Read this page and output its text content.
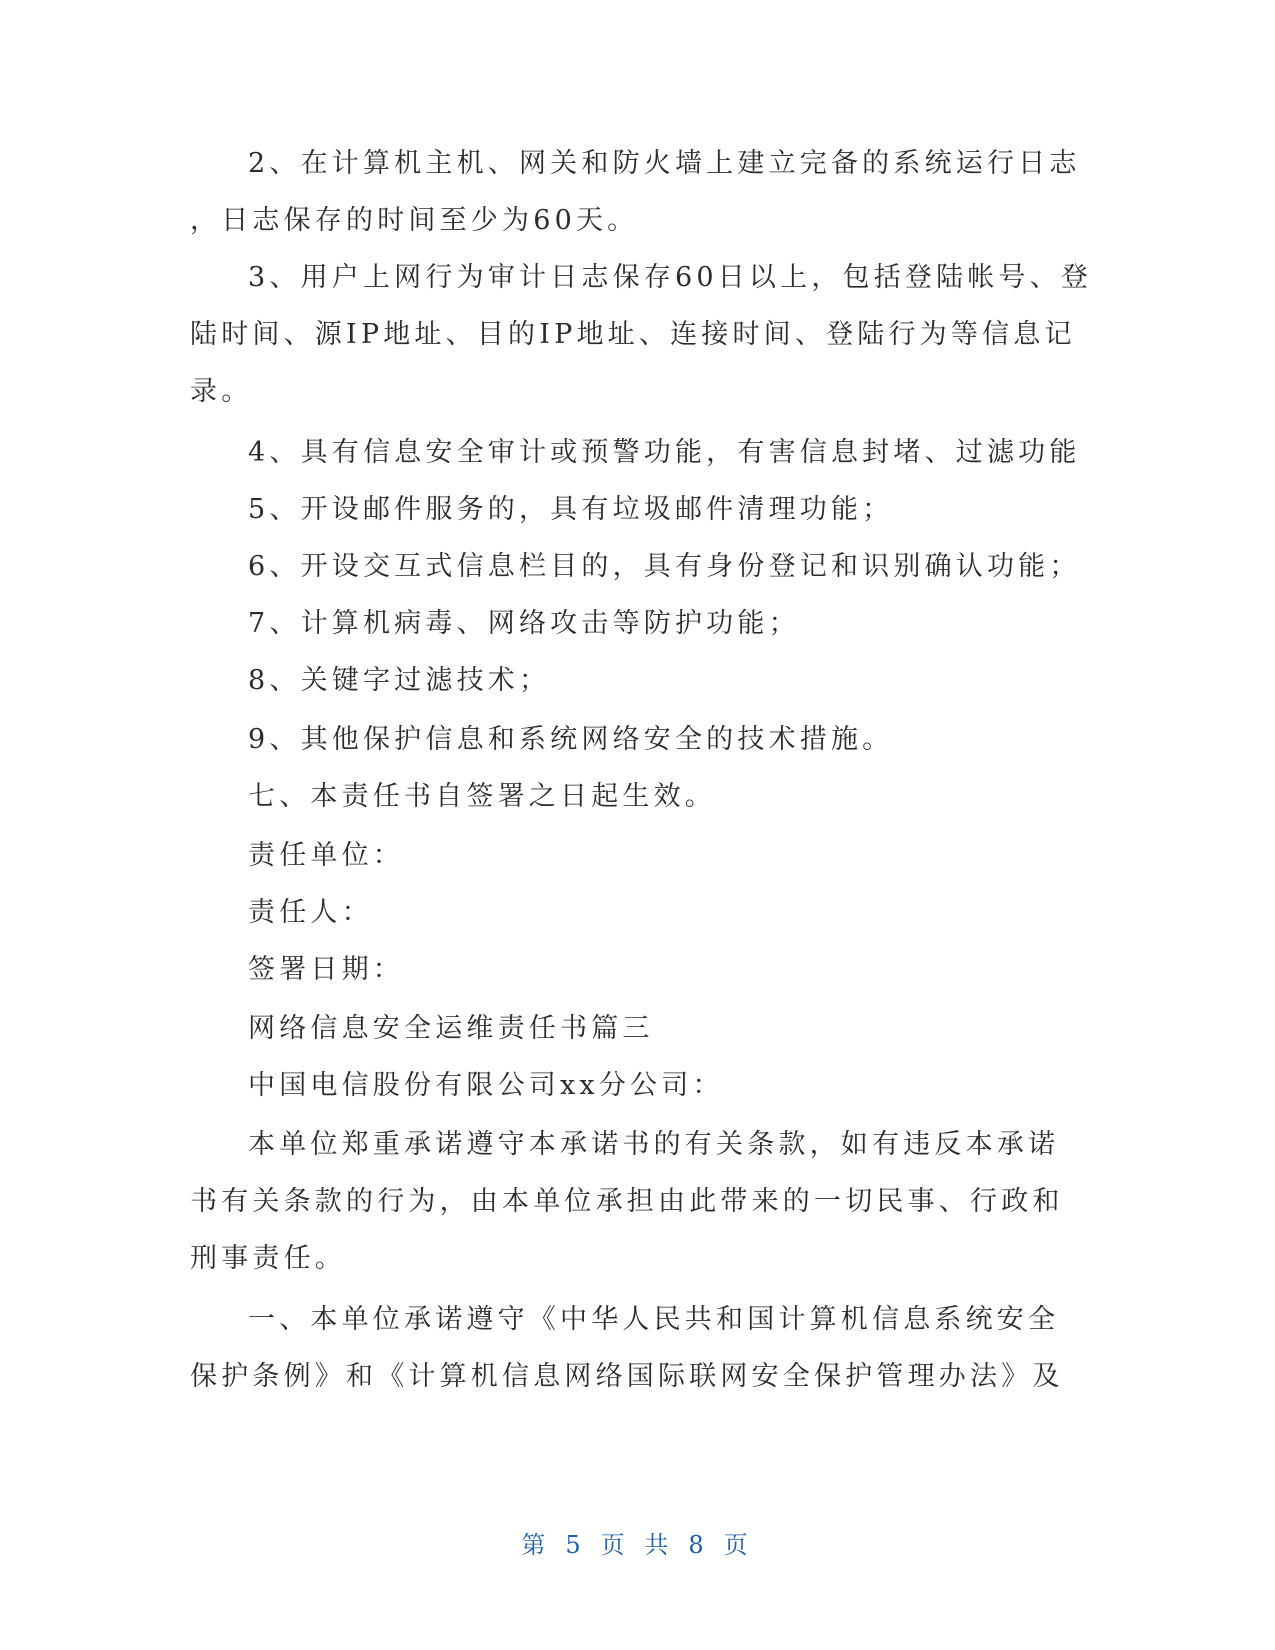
2、在计算机主机、网关和防火墙上建立完备的系统运行日志
，日志保存的时间至少为60天。
3、用户上网行为审计日志保存60日以上，包括登陆帐号、登
陆时间、源IP地址、目的IP地址、连接时间、登陆行为等信息记
录。
4、具有信息安全审计或预警功能，有害信息封堵、过滤功能
5、开设邮件服务的，具有垃圾邮件清理功能；
6、开设交互式信息栏目的，具有身份登记和识别确认功能；
7、计算机病毒、网络攻击等防护功能；
8、关键字过滤技术；
9、其他保护信息和系统网络安全的技术措施。
七、本责任书自签署之日起生效。
责任单位：
责任人：
签署日期：
网络信息安全运维责任书篇三
中国电信股份有限公司xx分公司：
本单位郑重承诺遵守本承诺书的有关条款，如有违反本承诺
书有关条款的行为，由本单位承担由此带来的一切民事、行政和
刑事责任。
一、本单位承诺遵守《中华人民共和国计算机信息系统安全
保护条例》和《计算机信息网络国际联网安全保护管理办法》及
第 5 页 共 8 页
